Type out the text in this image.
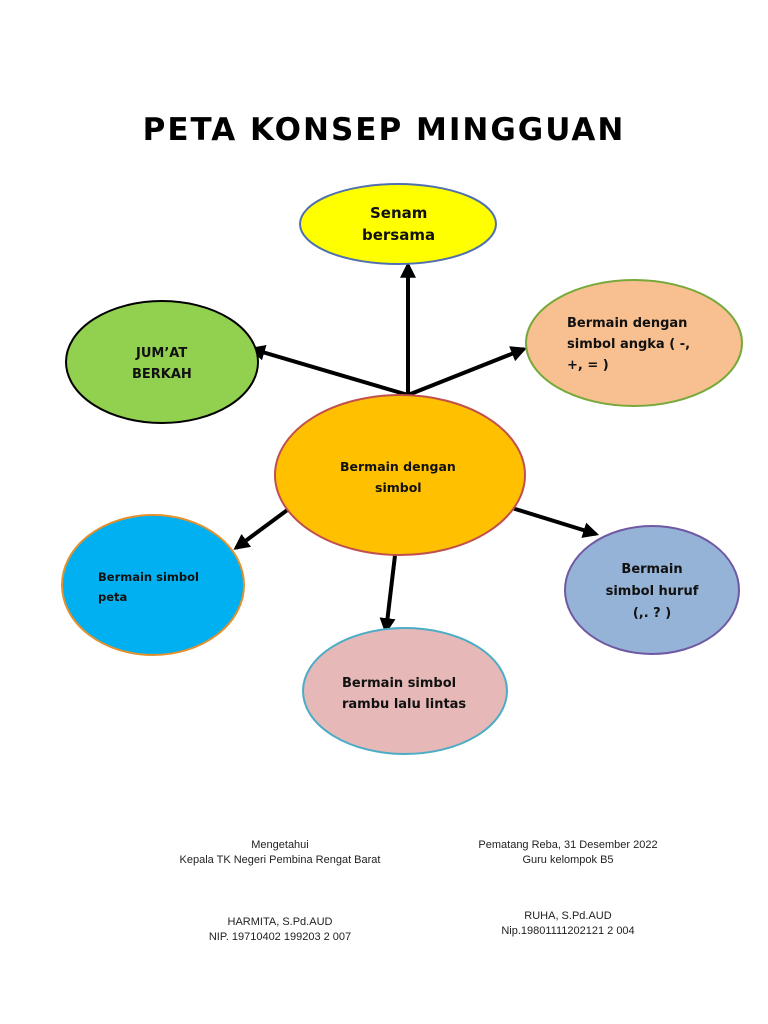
PETA KONSEP MINGGUAN
Senam
bersama
Bermain dengan
simbol angka ( -,
+, = )
JUM’AT
BERKAH
Bermain dengan
simbol
Bermain simbol
peta
Bermain
simbol huruf
(,. ? )
Bermain simbol
rambu lalu lintas
Mengetahui
Kepala TK Negeri Pembina Rengat Barat
HARMITA, S.Pd.AUD
NIP. 19710402 199203 2 007
Pematang Reba, 31 Desember 2022
Guru kelompok B5
RUHA, S.Pd.AUD
Nip.19801111202121 2 004
